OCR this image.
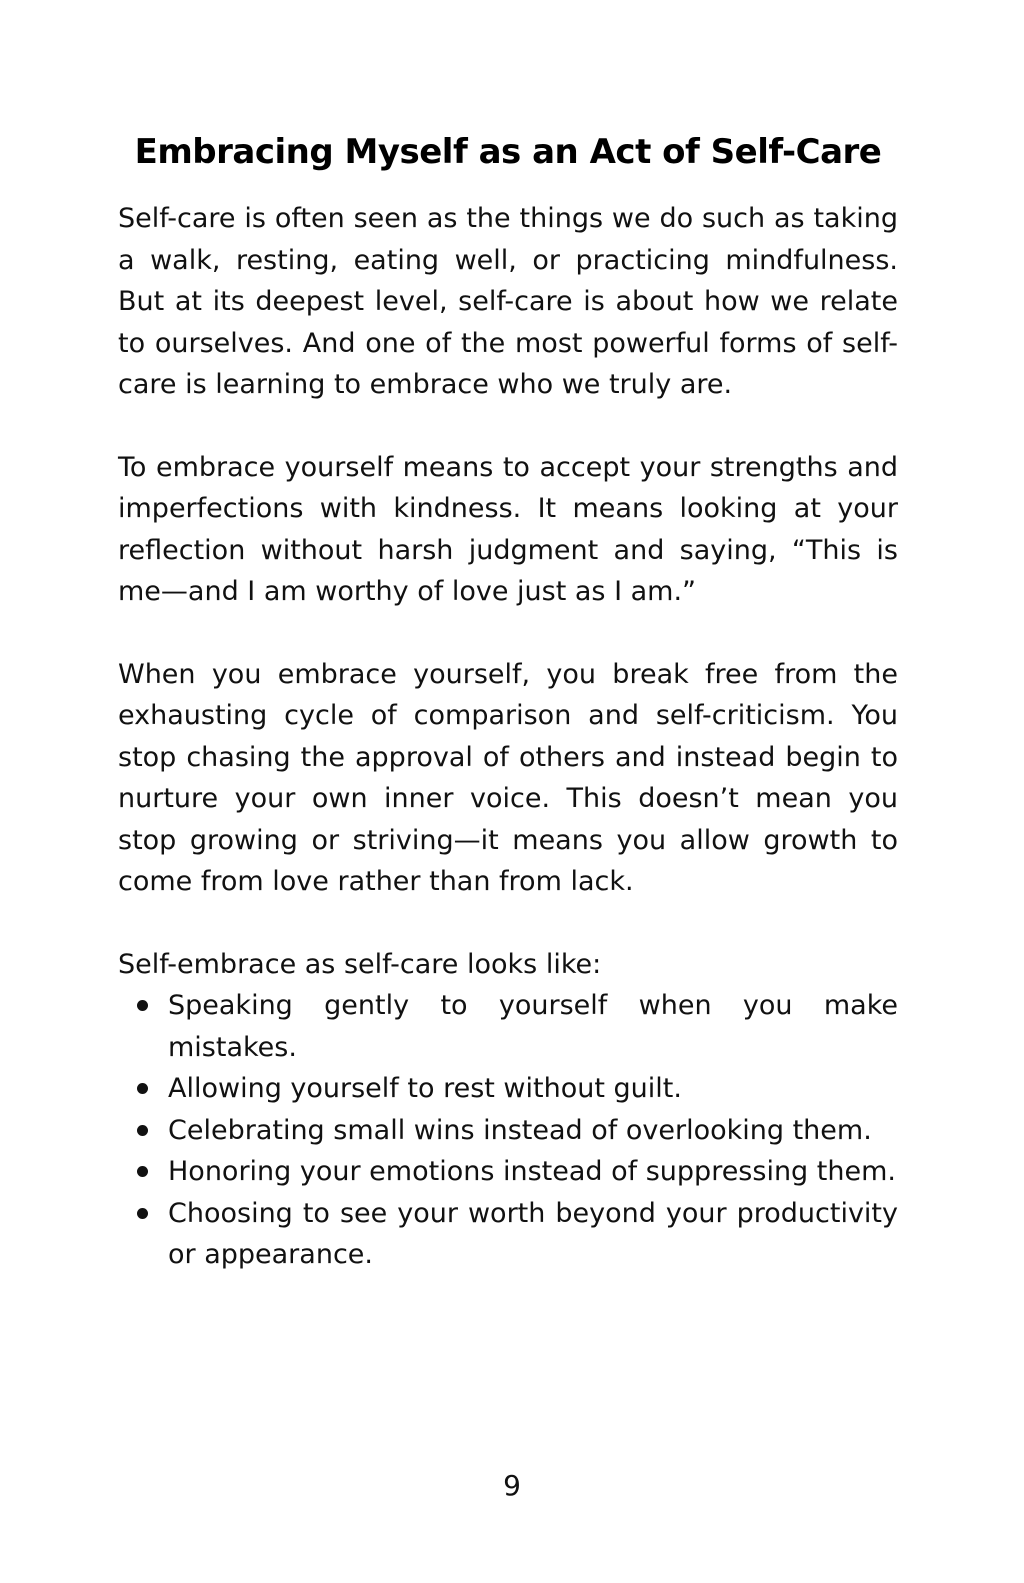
Embracing Myself as an Act of Self-Care

Self-care is often seen as the things we do such as taking a walk, resting, eating well, or practicing mindfulness. But at its deepest level, self-care is about how we relate to ourselves. And one of the most powerful forms of self-care is learning to embrace who we truly are.

To embrace yourself means to accept your strengths and imperfections with kindness. It means looking at your reflection without harsh judgment and saying, “This is me—and I am worthy of love just as I am.”

When you embrace yourself, you break free from the exhausting cycle of comparison and self-criticism. You stop chasing the approval of others and instead begin to nurture your own inner voice. This doesn’t mean you stop growing or striving—it means you allow growth to come from love rather than from lack.

Self-embrace as self-care looks like:

Speaking gently to yourself when you make mistakes.
Allowing yourself to rest without guilt.
Celebrating small wins instead of overlooking them.
Honoring your emotions instead of suppressing them.
Choosing to see your worth beyond your productivity or appearance.
9
